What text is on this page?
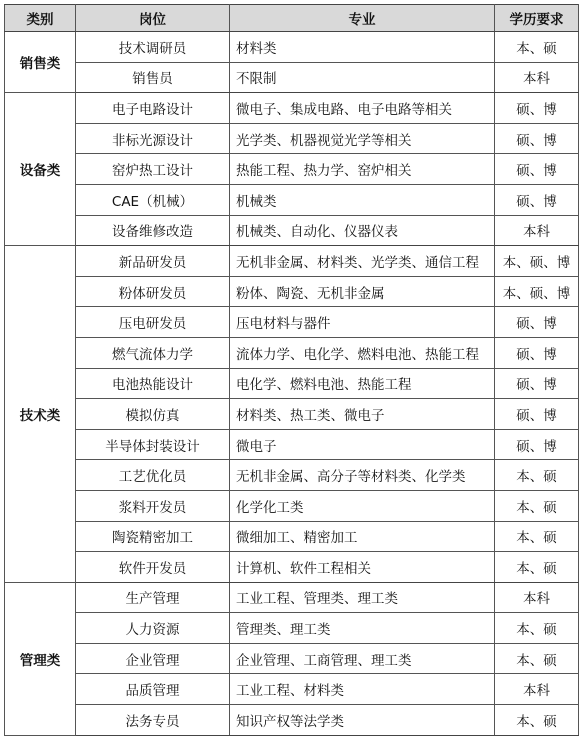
类别	岗位	专业	学历要求
销售类	技术调研员	材料类	本、硕
	销售员	不限制	本科
设备类	电子电路设计	微电子、集成电路、电子电路等相关	硕、博
	非标光源设计	光学类、机器视觉光学等相关	硕、博
	窑炉热工设计	热能工程、热力学、窑炉相关	硕、博
	CAE（机械）	机械类	硕、博
	设备维修改造	机械类、自动化、仪器仪表	本科
技术类	新品研发员	无机非金属、材料类、光学类、通信工程	本、硕、博
	粉体研发员	粉体、陶瓷、无机非金属	本、硕、博
	压电研发员	压电材料与器件	硕、博
	燃气流体力学	流体力学、电化学、燃料电池、热能工程	硕、博
	电池热能设计	电化学、燃料电池、热能工程	硕、博
	模拟仿真	材料类、热工类、微电子	硕、博
	半导体封装设计	微电子	硕、博
	工艺优化员	无机非金属、高分子等材料类、化学类	本、硕
	浆料开发员	化学化工类	本、硕
	陶瓷精密加工	微细加工、精密加工	本、硕
	软件开发员	计算机、软件工程相关	本、硕
管理类	生产管理	工业工程、管理类、理工类	本科
	人力资源	管理类、理工类	本、硕
	企业管理	企业管理、工商管理、理工类	本、硕
	品质管理	工业工程、材料类	本科
	法务专员	知识产权等法学类	本、硕
